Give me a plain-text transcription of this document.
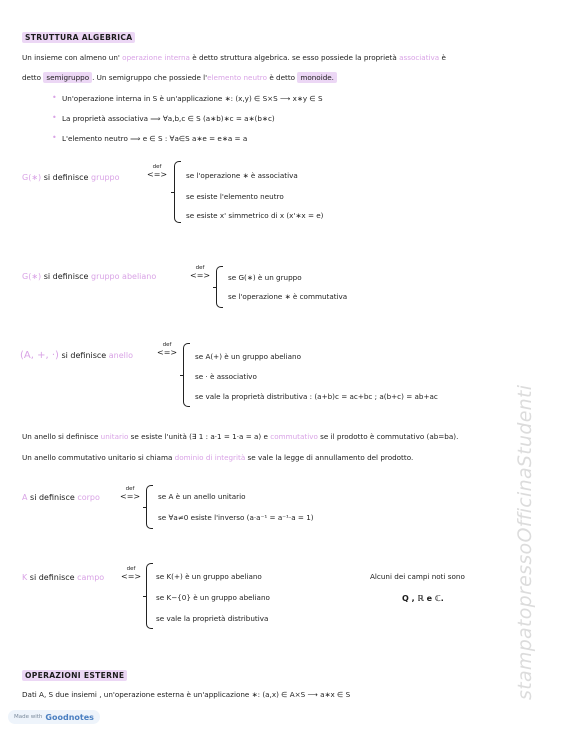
STRUTTURA ALGEBRICA
Un insieme con almeno un' operazione interna è detto struttura algebrica. se esso possiede la proprietà associativa è
detto semigruppo . Un semigruppo che possiede l'elemento neutro è detto monoide.
• Un'operazione interna in S è un'applicazione ∗: (x,y) ∈ S×S ⟶ x∗y ∈ S
• La proprietà associativa ⟹ ∀a,b,c ∈ S (a∗b)∗c = a∗(b∗c)
• L'elemento neutro ⟹ e ∈ S : ∀a∈S a∗e = e∗a = a
G(∗) si definisce gruppo
def
<=>	se l'operazione ∗ è associativa
se esiste l'elemento neutro
se esiste x' simmetrico di x (x'∗x = e)
G(∗) si definisce gruppo abeliano
def
<=> se G(∗) è un gruppo
se l'operazione ∗ è commutativa
(A, +, ·) si definisce anello
def
<=> se A(+) è un gruppo abeliano
se · è associativo
se vale la proprietà distributiva : (a+b)c = ac+bc ; a(b+c) = ab+ac
Un anello si definisce unitario se esiste l'unità (∃ 1 : a·1 = 1·a = a) e commutativo se il prodotto è commutativo (ab=ba).
Un anello commutativo unitario si chiama dominio di integrità se vale la legge di annullamento del prodotto.
A si definisce corpo
def
<=> se A è un anello unitario
se ∀a≠0 esiste l'inverso (a·a⁻¹ = a⁻¹·a = 1)
K si definisce campo
def
<=> se K(+) è un gruppo abeliano
se K−{0} è un gruppo abeliano
se vale la proprietà distributiva
Alcuni dei campi noti sono
Q , ℝ e ℂ.
OPERAZIONI ESTERNE
Dati A, S due insiemi , un'operazione esterna è un'applicazione ∗: (a,x) ∈ A×S ⟶ a∗x ∈ S	stampatopressoOfficinaStudenti
Made with Goodnotes
